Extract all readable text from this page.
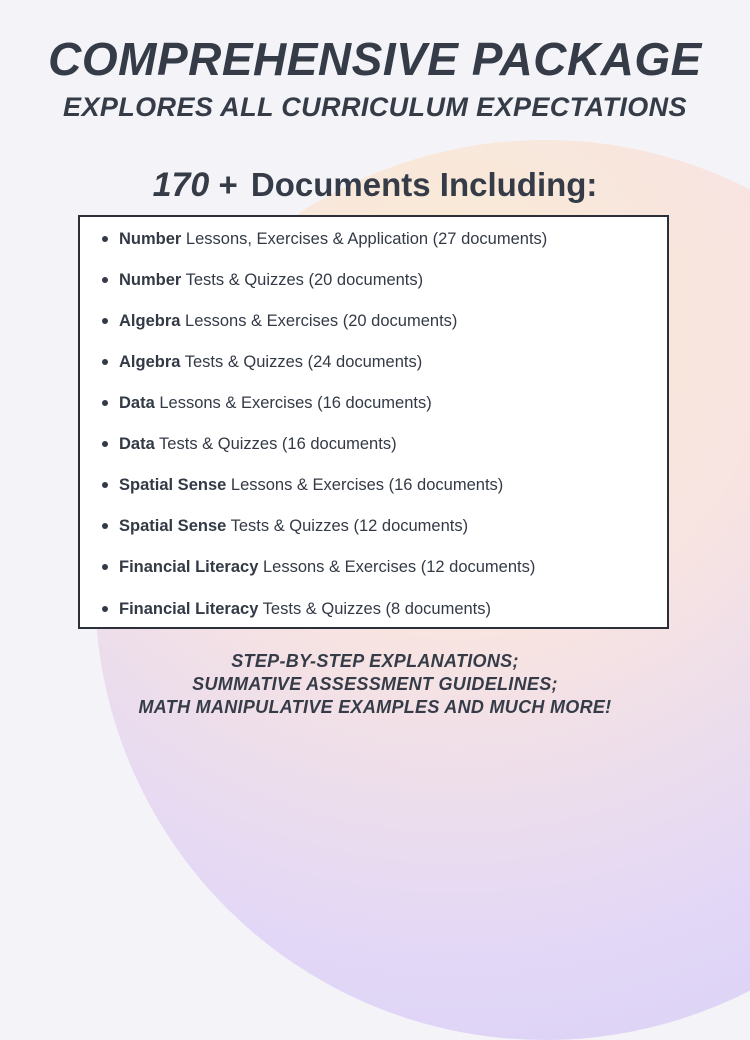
COMPREHENSIVE PACKAGE
EXPLORES ALL CURRICULUM EXPECTATIONS
170 + Documents Including:
Number Lessons, Exercises & Application (27 documents)
Number Tests & Quizzes (20 documents)
Algebra Lessons & Exercises (20 documents)
Algebra Tests & Quizzes (24 documents)
Data Lessons & Exercises (16 documents)
Data Tests & Quizzes (16 documents)
Spatial Sense Lessons & Exercises (16 documents)
Spatial Sense Tests & Quizzes (12 documents)
Financial Literacy Lessons & Exercises (12 documents)
Financial Literacy Tests & Quizzes (8 documents)
STEP-BY-STEP EXPLANATIONS;
SUMMATIVE ASSESSMENT GUIDELINES;
MATH MANIPULATIVE EXAMPLES AND MUCH MORE!
